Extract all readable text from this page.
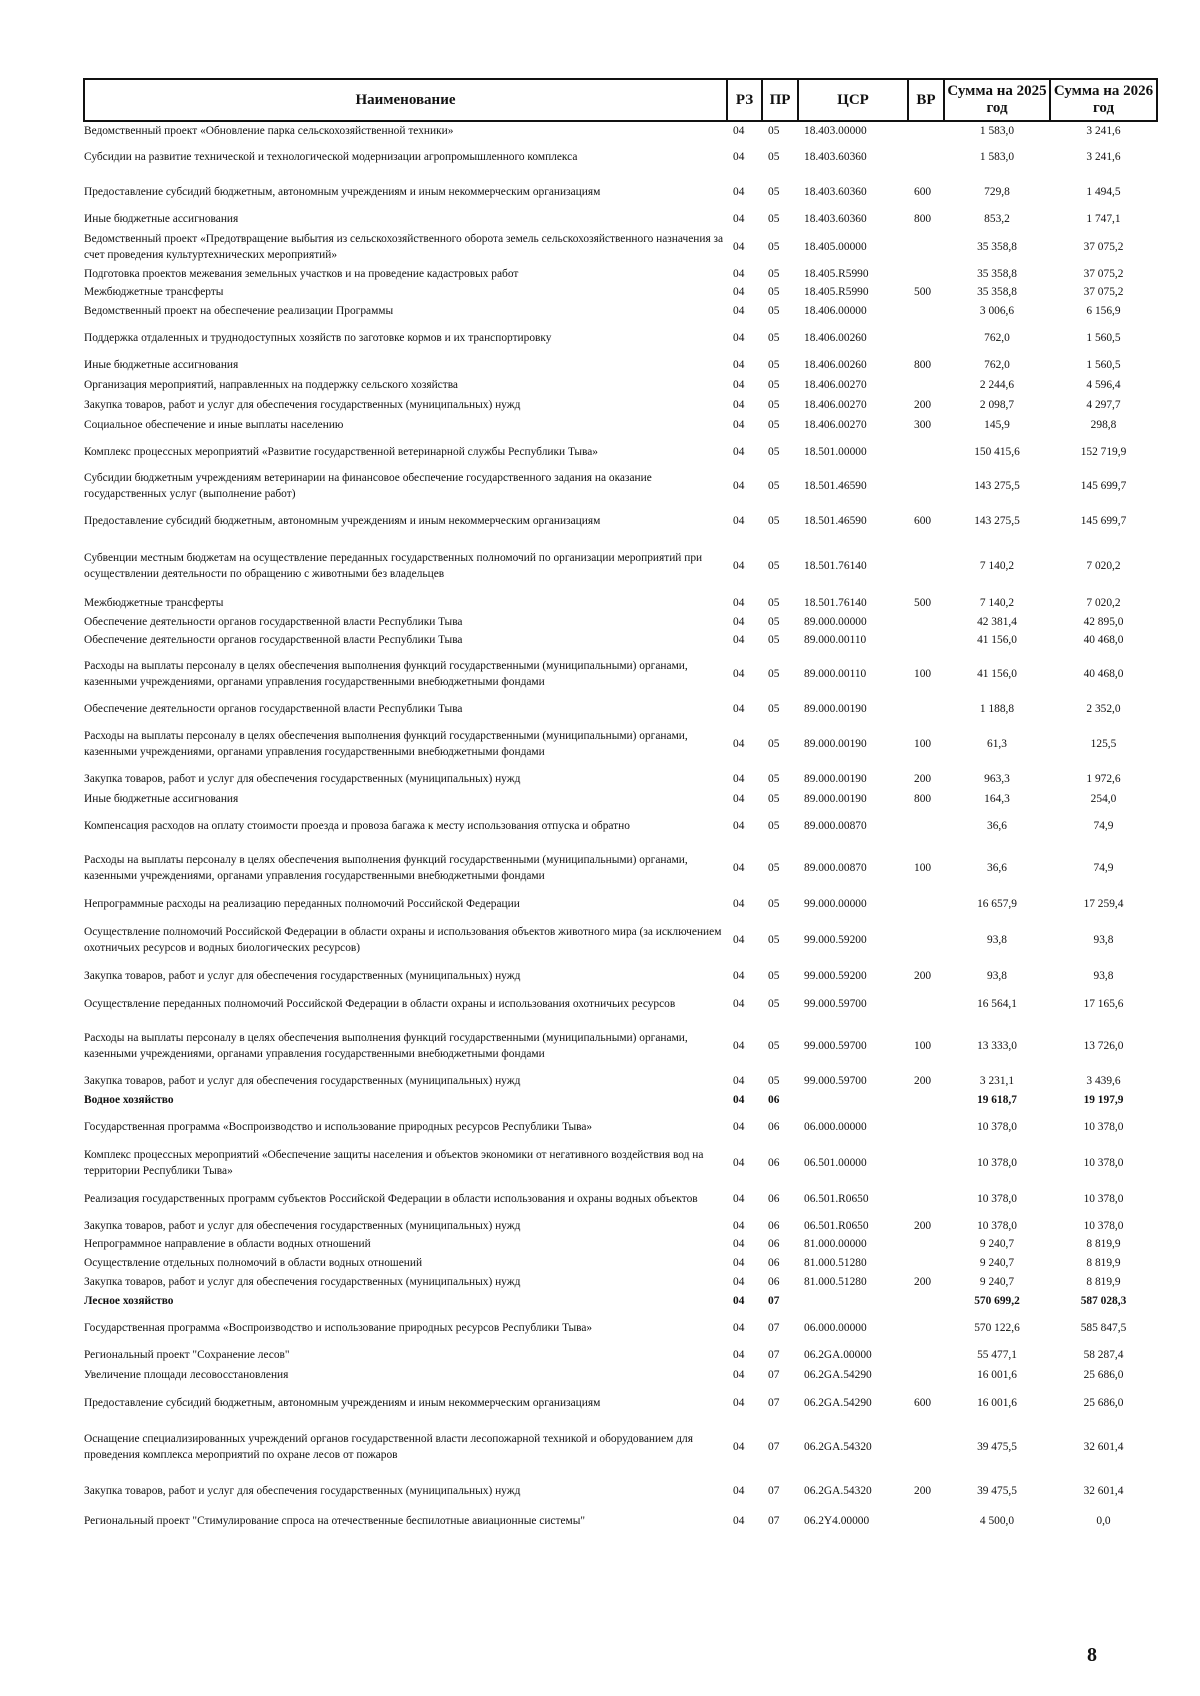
Наименование	РЗ	ПР	ЦСР	ВР	Сумма на 2025 год	Сумма на 2026 год
Ведомственный проект «Обновление парка сельскохозяйственной техники»	04	05	18.403.00000		1 583,0	3 241,6
Субсидии на развитие технической и технологической модернизации агропромышленного комплекса	04	05	18.403.60360		1 583,0	3 241,6
Предоставление субсидий бюджетным, автономным учреждениям и иным некоммерческим организациям	04	05	18.403.60360	600	729,8	1 494,5
Иные бюджетные ассигнования	04	05	18.403.60360	800	853,2	1 747,1
Ведомственный проект «Предотвращение выбытия из сельскохозяйственного оборота земель сельскохозяйственного назначения за счет проведения культуртехнических мероприятий»	04	05	18.405.00000		35 358,8	37 075,2
Подготовка проектов межевания земельных участков и на проведение кадастровых работ	04	05	18.405.R5990		35 358,8	37 075,2
Межбюджетные трансферты	04	05	18.405.R5990	500	35 358,8	37 075,2
Ведомственный проект на обеспечение реализации Программы	04	05	18.406.00000		3 006,6	6 156,9
Поддержка отдаленных и труднодоступных хозяйств по заготовке кормов и их транспортировку	04	05	18.406.00260		762,0	1 560,5
Иные бюджетные ассигнования	04	05	18.406.00260	800	762,0	1 560,5
Организация мероприятий, направленных на поддержку сельского хозяйства	04	05	18.406.00270		2 244,6	4 596,4
Закупка товаров, работ и услуг для обеспечения государственных (муниципальных) нужд	04	05	18.406.00270	200	2 098,7	4 297,7
Социальное обеспечение и иные выплаты населению	04	05	18.406.00270	300	145,9	298,8
Комплекс процессных мероприятий «Развитие государственной ветеринарной службы Республики Тыва»	04	05	18.501.00000		150 415,6	152 719,9
Субсидии бюджетным учреждениям ветеринарии на финансовое обеспечение государственного задания на оказание государственных услуг (выполнение работ)	04	05	18.501.46590		143 275,5	145 699,7
Предоставление субсидий бюджетным, автономным учреждениям и иным некоммерческим организациям	04	05	18.501.46590	600	143 275,5	145 699,7
Субвенции местным бюджетам на осуществление переданных государственных полномочий по организации мероприятий при осуществлении деятельности по обращению с животными без владельцев	04	05	18.501.76140		7 140,2	7 020,2
Межбюджетные трансферты	04	05	18.501.76140	500	7 140,2	7 020,2
Обеспечение деятельности органов государственной власти Республики Тыва	04	05	89.000.00000		42 381,4	42 895,0
Обеспечение деятельности органов государственной власти Республики Тыва	04	05	89.000.00110		41 156,0	40 468,0
Расходы на выплаты персоналу в целях обеспечения выполнения функций государственными (муниципальными) органами, казенными учреждениями, органами управления государственными внебюджетными фондами	04	05	89.000.00110	100	41 156,0	40 468,0
Обеспечение деятельности органов государственной власти Республики Тыва	04	05	89.000.00190		1 188,8	2 352,0
Расходы на выплаты персоналу в целях обеспечения выполнения функций государственными (муниципальными) органами, казенными учреждениями, органами управления государственными внебюджетными фондами	04	05	89.000.00190	100	61,3	125,5
Закупка товаров, работ и услуг для обеспечения государственных (муниципальных) нужд	04	05	89.000.00190	200	963,3	1 972,6
Иные бюджетные ассигнования	04	05	89.000.00190	800	164,3	254,0
Компенсация расходов на оплату стоимости проезда и провоза багажа к месту использования отпуска и обратно	04	05	89.000.00870		36,6	74,9
Расходы на выплаты персоналу в целях обеспечения выполнения функций государственными (муниципальными) органами, казенными учреждениями, органами управления государственными внебюджетными фондами	04	05	89.000.00870	100	36,6	74,9
Непрограммные расходы на реализацию переданных полномочий Российской Федерации	04	05	99.000.00000		16 657,9	17 259,4
Осуществление полномочий Российской Федерации в области охраны и использования объектов животного мира (за исключением охотничьих ресурсов и водных биологических ресурсов)	04	05	99.000.59200		93,8	93,8
Закупка товаров, работ и услуг для обеспечения государственных (муниципальных) нужд	04	05	99.000.59200	200	93,8	93,8
Осуществление переданных полномочий Российской Федерации в области охраны и использования охотничьих ресурсов	04	05	99.000.59700		16 564,1	17 165,6
Расходы на выплаты персоналу в целях обеспечения выполнения функций государственными (муниципальными) органами, казенными учреждениями, органами управления государственными внебюджетными фондами	04	05	99.000.59700	100	13 333,0	13 726,0
Закупка товаров, работ и услуг для обеспечения государственных (муниципальных) нужд	04	05	99.000.59700	200	3 231,1	3 439,6
Водное хозяйство	04	06			19 618,7	19 197,9
Государственная программа «Воспроизводство и использование природных ресурсов Республики Тыва»	04	06	06.000.00000		10 378,0	10 378,0
Комплекс процессных мероприятий «Обеспечение защиты населения и объектов экономики от негативного воздействия вод на территории Республики Тыва»	04	06	06.501.00000		10 378,0	10 378,0
Реализация государственных программ субъектов Российской Федерации в области использования и охраны водных объектов	04	06	06.501.R0650		10 378,0	10 378,0
Закупка товаров, работ и услуг для обеспечения государственных (муниципальных) нужд	04	06	06.501.R0650	200	10 378,0	10 378,0
Непрограммное направление в области водных отношений	04	06	81.000.00000		9 240,7	8 819,9
Осуществление отдельных полномочий в области водных отношений	04	06	81.000.51280		9 240,7	8 819,9
Закупка товаров, работ и услуг для обеспечения государственных (муниципальных) нужд	04	06	81.000.51280	200	9 240,7	8 819,9
Лесное хозяйство	04	07			570 699,2	587 028,3
Государственная программа «Воспроизводство и использование природных ресурсов Республики Тыва»	04	07	06.000.00000		570 122,6	585 847,5
Региональный проект "Сохранение лесов"	04	07	06.2GA.00000		55 477,1	58 287,4
Увеличение площади лесовосстановления	04	07	06.2GA.54290		16 001,6	25 686,0
Предоставление субсидий бюджетным, автономным учреждениям и иным некоммерческим организациям	04	07	06.2GA.54290	600	16 001,6	25 686,0
Оснащение специализированных учреждений органов государственной власти лесопожарной техникой и оборудованием для проведения комплекса мероприятий по охране лесов от пожаров	04	07	06.2GA.54320		39 475,5	32 601,4
Закупка товаров, работ и услуг для обеспечения государственных (муниципальных) нужд	04	07	06.2GA.54320	200	39 475,5	32 601,4
Региональный проект "Стимулирование спроса на отечественные беспилотные авиационные системы"	04	07	06.2Y4.00000		4 500,0	0,0
8
